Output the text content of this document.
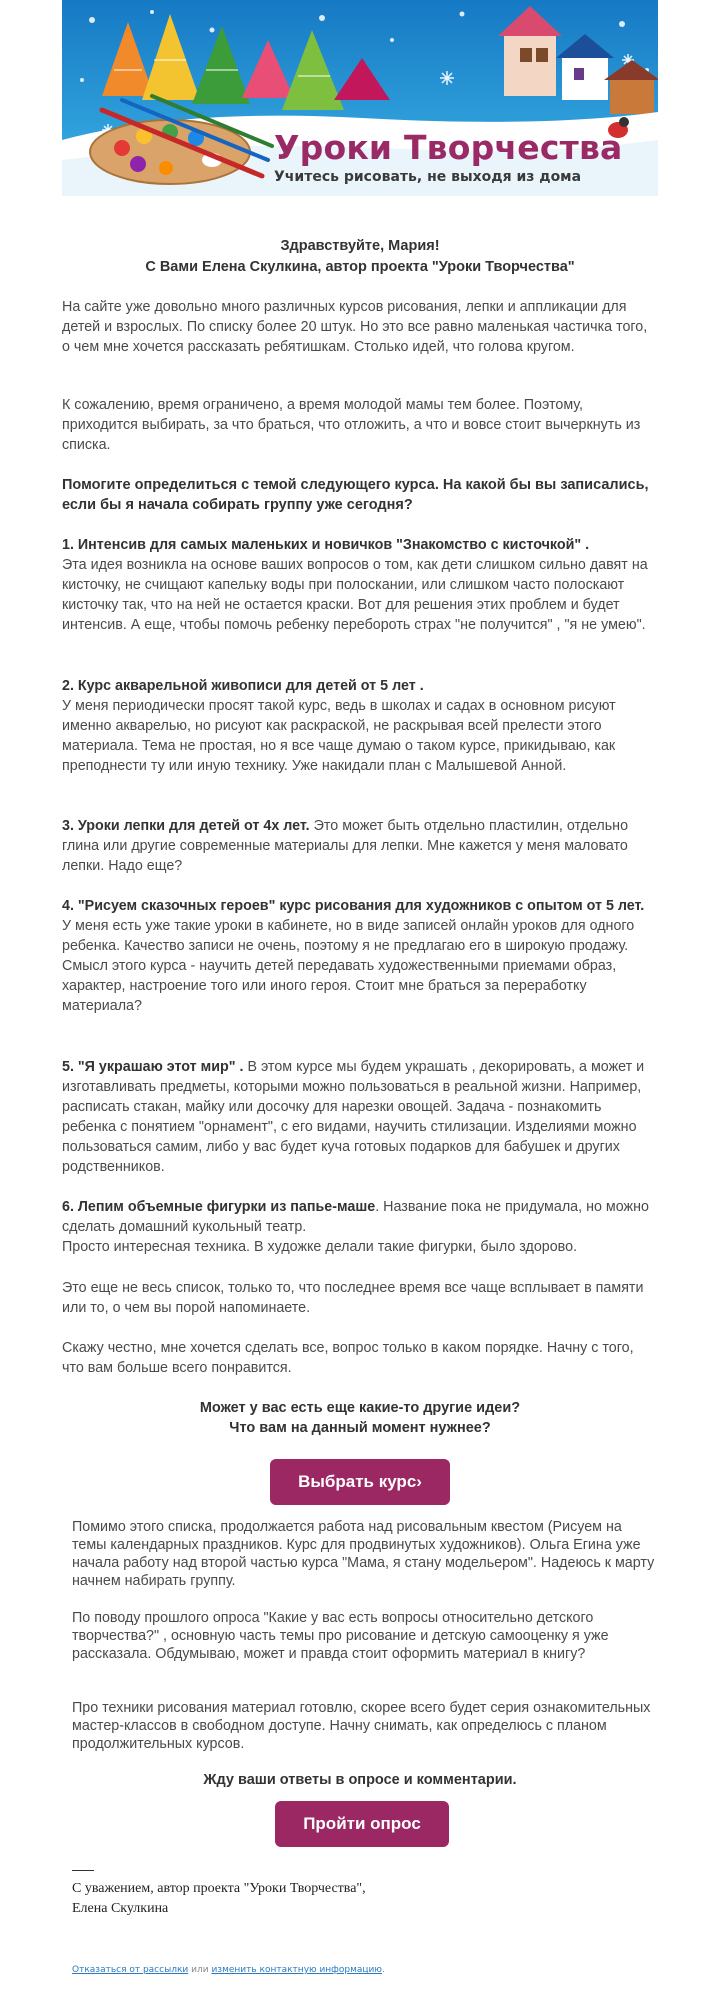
Уроки Творчества
Учитесь рисовать, не выходя из дома
Здравствуйте, Мария!
С Вами Елена Скулкина, автор проекта "Уроки Творчества"
На сайте уже довольно много различных курсов рисования, лепки и аппликации для детей и взрослых. По списку более 20 штук. Но это все равно маленькая частичка того, о чем мне хочется рассказать ребятишкам. Столько идей, что голова кругом.
К сожалению, время ограничено, а время молодой мамы тем более. Поэтому, приходится выбирать, за что браться, что отложить, а что и вовсе стоит вычеркнуть из списка.
Помогите определиться с темой следующего курса. На какой бы вы записались, если бы я начала собирать группу уже сегодня?
1. Интенсив для самых маленьких и новичков "Знакомство с кисточкой" .
Эта идея возникла на основе ваших вопросов о том, как дети слишком сильно давят на кисточку, не счищают капельку воды при полоскании, или слишком часто полоскают кисточку так, что на ней не остается краски. Вот для решения этих проблем и будет интенсив. А еще, чтобы помочь ребенку перебороть страх "не получится" , "я не умею".
2. Курс акварельной живописи для детей от 5 лет .
У меня периодически просят такой курс, ведь в школах и садах в основном рисуют именно акварелью, но рисуют как раскраской, не раскрывая всей прелести этого материала. Тема не простая, но я все чаще думаю о таком курсе, прикидываю, как преподнести ту или иную технику. Уже накидали план с Малышевой Анной.
3. Уроки лепки для детей от 4х лет. Это может быть отдельно пластилин, отдельно глина или другие современные материалы для лепки. Мне кажется у меня маловато лепки. Надо еще?
4. "Рисуем сказочных героев" курс рисования для художников с опытом от 5 лет.
У меня есть уже такие уроки в кабинете, но в виде записей онлайн уроков для одного ребенка. Качество записи не очень, поэтому я не предлагаю его в широкую продажу. Смысл этого курса - научить детей передавать художественными приемами образ, характер, настроение того или иного героя. Стоит мне браться за переработку материала?
5. "Я украшаю этот мир" . В этом курсе мы будем украшать , декорировать, а может и изготавливать предметы, которыми можно пользоваться в реальной жизни. Например, расписать стакан, майку или досочку для нарезки овощей. Задача - познакомить ребенка с понятием "орнамент", с его видами, научить стилизации. Изделиями можно пользоваться самим, либо у вас будет куча готовых подарков для бабушек и других родственников.
6. Лепим объемные фигурки из папье-маше. Название пока не придумала, но можно сделать домашний кукольный театр.
Просто интересная техника. В художке делали такие фигурки, было здорово.
Это еще не весь список, только то, что последнее время все чаще всплывает в памяти или то, о чем вы порой напоминаете.
Скажу честно, мне хочется сделать все, вопрос только в каком порядке. Начну с того, что вам больше всего понравится.
Может у вас есть еще какие-то другие идеи?
Что вам на данный момент нужнее?
Выбрать курс›
Помимо этого списка, продолжается работа над рисовальным квестом (Рисуем на темы календарных праздников. Курс для продвинутых художников). Ольга Егина уже начала работу над второй частью курса "Мама, я стану модельером". Надеюсь к марту начнем набирать группу.
По поводу прошлого опроса "Какие у вас есть вопросы относительно детского творчества?" , основную часть темы про рисование и детскую самооценку я уже рассказала. Обдумываю, может и правда стоит оформить материал в книгу?
Про техники рисования материал готовлю, скорее всего будет серия ознакомительных мастер-классов в свободном доступе. Начну снимать, как определюсь с планом продолжительных курсов.
Жду ваши ответы в опросе и комментарии.
Пройти опрос
С уважением, автор проекта "Уроки Творчества",
Елена Скулкина
Отказаться от рассылки или изменить контактную информацию.
